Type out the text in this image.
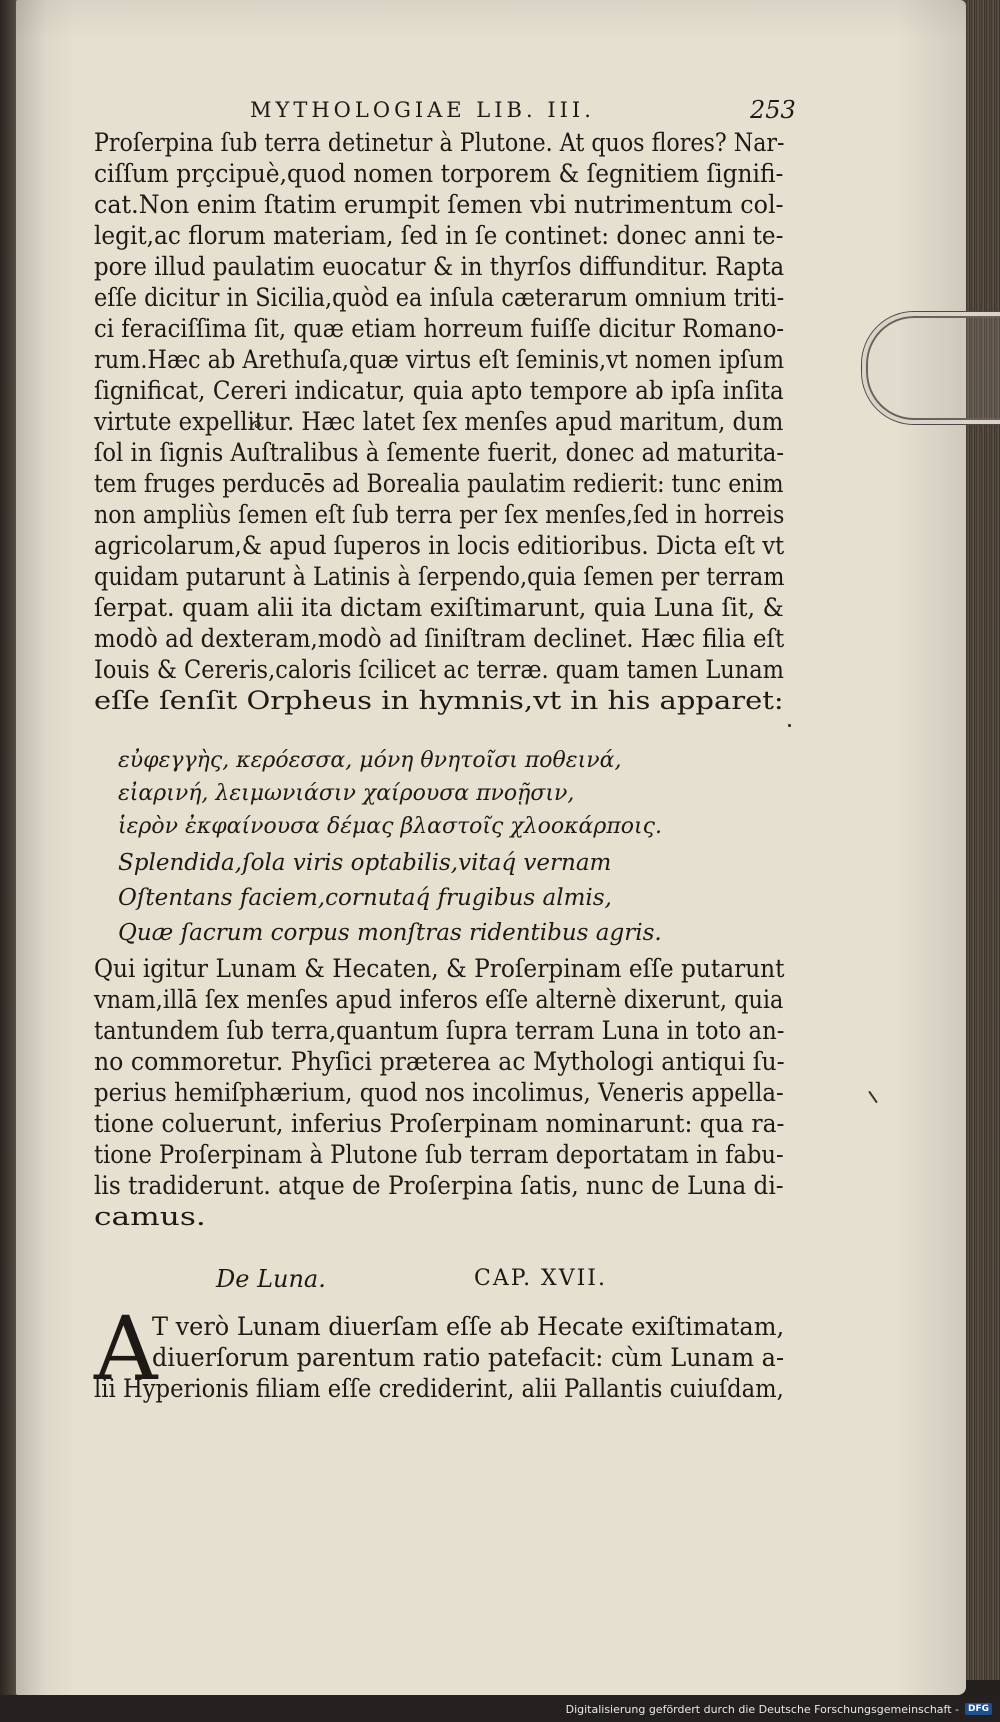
MYTHOLOGIAE LIB. III.	253
Proſerpina ſub terra detinetur à Plutone. At quos flores? Nar-
ciſſum prçcipuè,quod nomen torporem & ſegnitiem ſignifi-
cat.Non enim ſtatim erumpit ſemen vbi nutrimentum col-
legit,ac florum materiam, ſed in ſe continet: donec anni te-
pore illud paulatim euocatur & in thyrſos diffunditur. Rapta
eſſe dicitur in Sicilia,quòd ea inſula cæterarum omnium triti-
ci feraciſſima ſit, quæ etiam horreum fuiſſe dicitur Romano-
rum.Hæc ab Arethuſa,quæ virtus eſt ſeminis,vt nomen ipſum
ſignificat, Cereri indicatur, quia apto tempore ab ipſa inſita
virtute expellitur. Hæc latet ſex menſes apud maritum, dum
ſol in ſignis Auſtralibus à ſemente fuerit, donec ad maturita-
tem fruges perducēs ad Borealia paulatim redierit: tunc enim
non ampliùs ſemen eſt ſub terra per ſex menſes,ſed in horreis
agricolarum,& apud ſuperos in locis editioribus. Dicta eſt vt
quidam putarunt à Latinis à ſerpendo,quia ſemen per terram
ſerpat. quam alii ita dictam exiſtimarunt, quia Luna ſit, &
modò ad dexteram,modò ad ſiniſtram declinet. Hæc filia eſt
Iouis & Cereris,caloris ſcilicet ac terræ. quam tamen Lunam
eſſe ſenſit Orpheus in hymnis,vt in his apparet:
εὐφεγγὴς, κερόεσσα, μόνη θνητοῖσι ποθεινά,
εἰαρινή, λειμωνιάσιν χαίρουσα πνοῇσιν,
ἱερὸν ἐκφαίνουσα δέμας βλαστοῖς χλοοκάρποις.
Splendida,ſola viris optabilis,vitaq́ vernam
Oſtentans faciem,cornutaq́ frugibus almis,
Quæ ſacrum corpus monſtras ridentibus agris.
Qui igitur Lunam & Hecaten, & Proſerpinam eſſe putarunt
vnam,illā ſex menſes apud inferos eſſe alternè dixerunt, quia
tantundem ſub terra,quantum ſupra terram Luna in toto an-
no commoretur. Phyſici præterea ac Mythologi antiqui ſu-
perius hemiſphærium, quod nos incolimus, Veneris appella-
tione coluerunt, inferius Proſerpinam nominarunt: qua ra-
tione Proſerpinam à Plutone ſub terram deportatam in fabu-
lis tradiderunt. atque de Proſerpina ſatis, nunc de Luna di-
camus.
De Luna.	CAP. XVII.
T verò Lunam diuerſam eſſe ab Hecate exiſtimatam,
diuerſorum parentum ratio patefacit: cùm Lunam a-
lii Hyperionis filiam eſſe crediderint, alii Pallantis cuiuſdam,
A
Digitalisierung gefördert durch die Deutsche Forschungsgemeinschaft -	DFG
